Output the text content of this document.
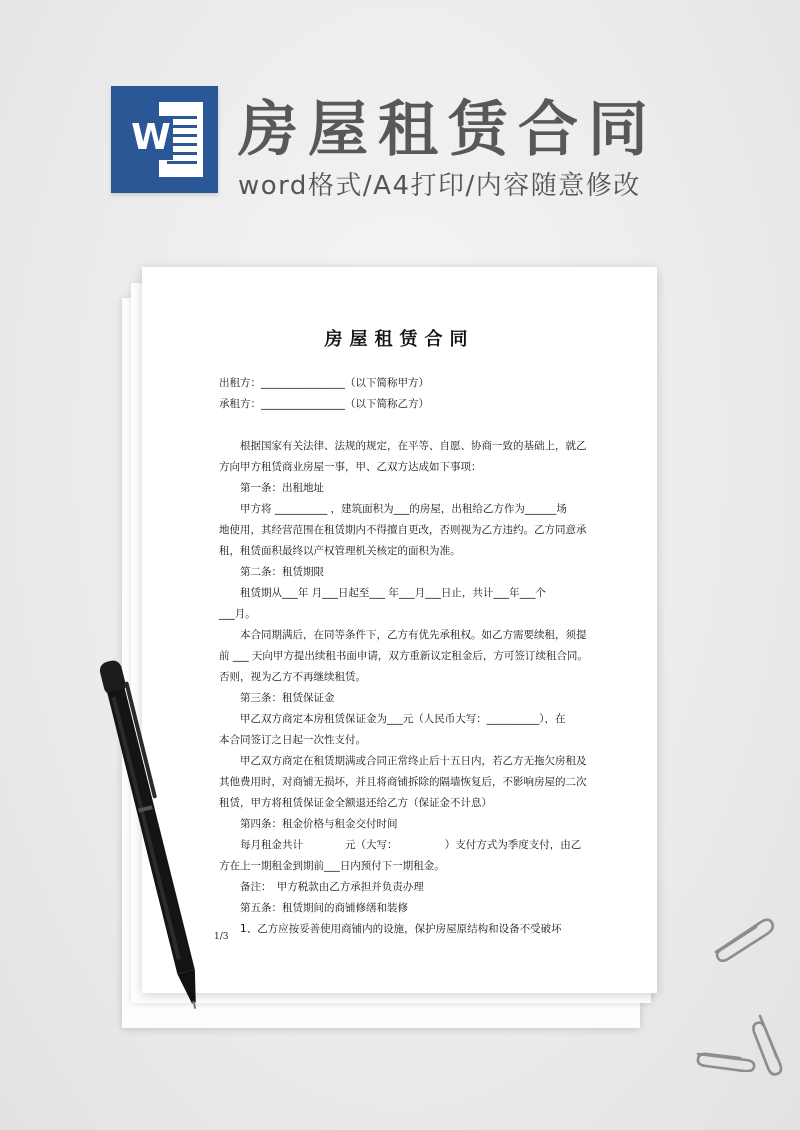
W 房屋租赁合同
word格式/A4打印/内容随意修改
房屋租赁合同

出租方：________________（以下简称甲方）

承租方：________________（以下简称乙方）

　　根据国家有关法律、法规的规定，在平等、自愿、协商一致的基础上，就乙

方向甲方租赁商业房屋一事，甲、乙双方达成如下事项：

　　第一条：出租地址

　　甲方将 __________ ，建筑面积为___的房屋，出租给乙方作为______场

地使用，其经营范围在租赁期内不得擅自更改，否则视为乙方违约。乙方同意承

租，租赁面积最终以产权管理机关核定的面积为准。

　　第二条：租赁期限

　　租赁期从___年 月___日起至___ 年___月___日止，共计___年___个

___月。

　　本合同期满后，在同等条件下，乙方有优先承租权。如乙方需要续租，须提

前 ___ 天向甲方提出续租书面申请，双方重新议定租金后，方可签订续租合同。

否则，视为乙方不再继续租赁。

　　第三条：租赁保证金

　　甲乙双方商定本房租赁保证金为___元（人民币大写：__________），在

本合同签订之日起一次性支付。

　　甲乙双方商定在租赁期满或合同正常终止后十五日内，若乙方无拖欠房租及

其他费用时，对商铺无损坏，并且将商铺拆除的隔墙恢复后，不影响房屋的二次

租赁，甲方将租赁保证金全额退还给乙方（保证金不计息）

　　第四条：租金价格与租金交付时间

　　每月租金共计　　　　元（大写：　　　　　）支付方式为季度支付，由乙

方在上一期租金到期前___日内预付下一期租金。

　　备注：　甲方税款由乙方承担并负责办理

　　第五条：租赁期间的商铺修缮和装修

　　1、乙方应按妥善使用商铺内的设施，保护房屋原结构和设备不受破坏

1/3
